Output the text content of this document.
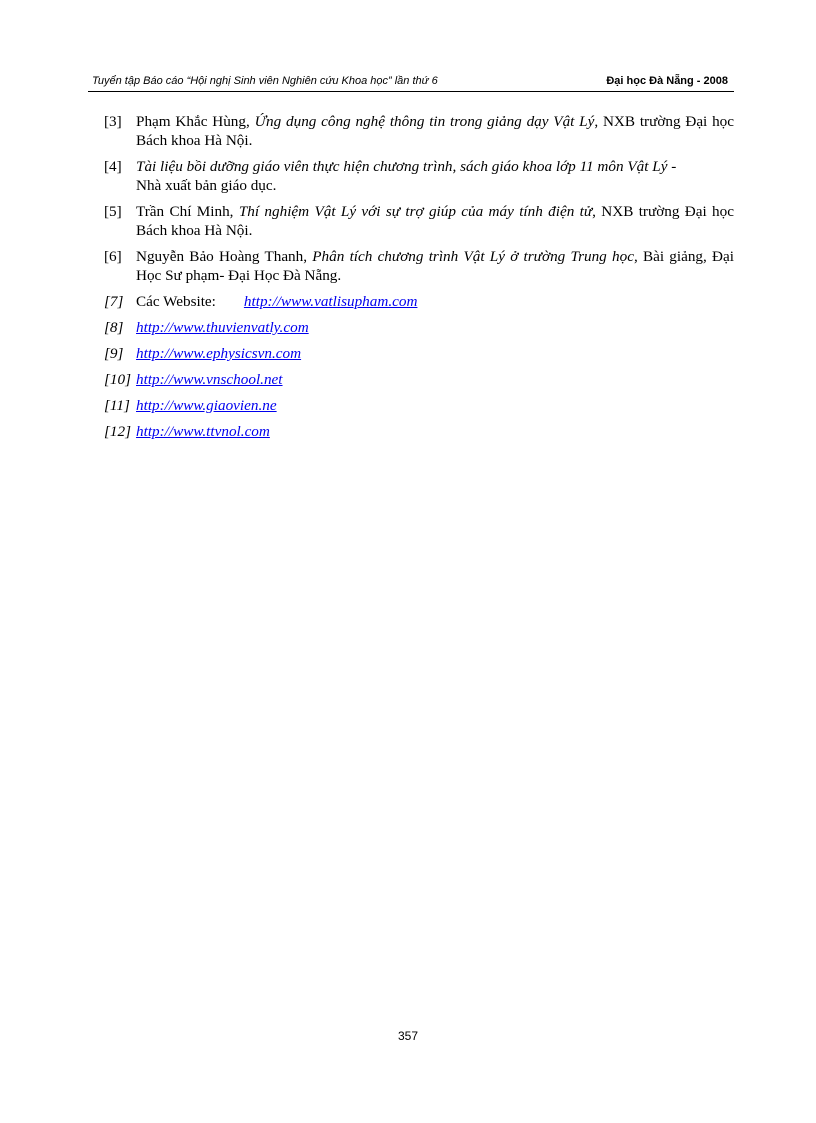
Tuyển tập Báo cáo “Hội nghị Sinh viên Nghiên cứu Khoa học” lần thứ 6	Đại học Đà Nẵng - 2008
[3] Phạm Khắc Hùng, Ứng dụng công nghệ thông tin trong giảng dạy Vật Lý, NXB trường Đại học Bách khoa Hà Nội.
[4] Tài liệu bồi dưỡng giáo viên thực hiện chương trình, sách giáo khoa lớp 11 môn Vật Lý -
Nhà xuất bản giáo dục.
[5] Trần Chí Minh, Thí nghiệm Vật Lý với sự trợ giúp của máy tính điện tử, NXB trường Đại học Bách khoa Hà Nội.
[6] Nguyễn Bảo Hoàng Thanh, Phân tích chương trình Vật Lý ở trường Trung học, Bài giảng, Đại Học Sư phạm- Đại Học Đà Nẵng.
[7] Các Website: http://www.vatlisupham.com
[8] http://www.thuvienvatly.com
[9] http://www.ephysicsvn.com
[10] http://www.vnschool.net
[11] http://www.giaovien.ne
[12] http://www.ttvnol.com
357
